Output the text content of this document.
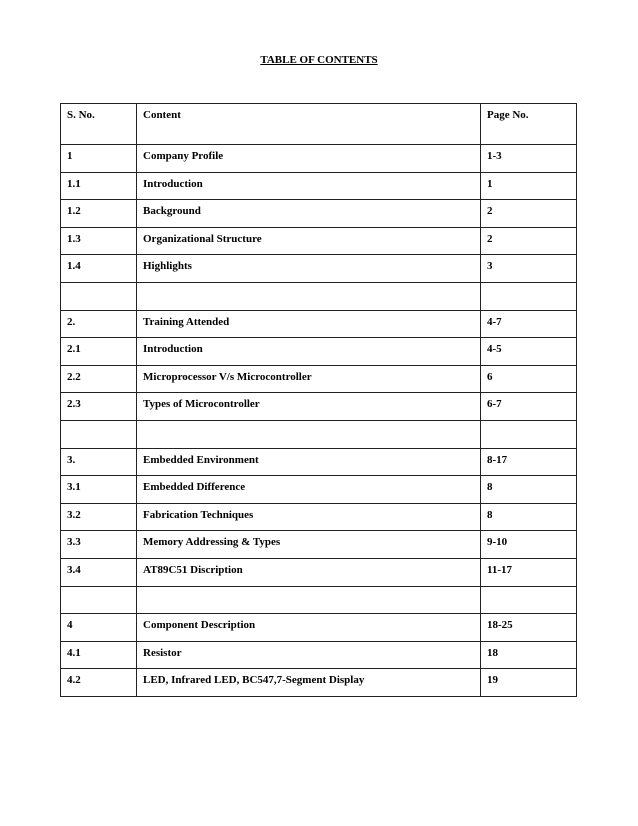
TABLE OF CONTENTS
S. No.	Content	Page No.
1	Company Profile	1-3
1.1	Introduction	1
1.2	Background	2
1.3	Organizational Structure	2
1.4	Highlights	3

2.	Training Attended	4-7
2.1	Introduction	4-5
2.2	Microprocessor V/s Microcontroller	6
2.3	Types of Microcontroller	6-7

3.	Embedded Environment	8-17
3.1	Embedded Difference	8
3.2	Fabrication Techniques	8
3.3	Memory Addressing & Types	9-10
3.4	AT89C51 Discription	11-17

4	Component Description	18-25
4.1	Resistor	18
4.2	LED, Infrared LED, BC547,7-Segment Display	19
